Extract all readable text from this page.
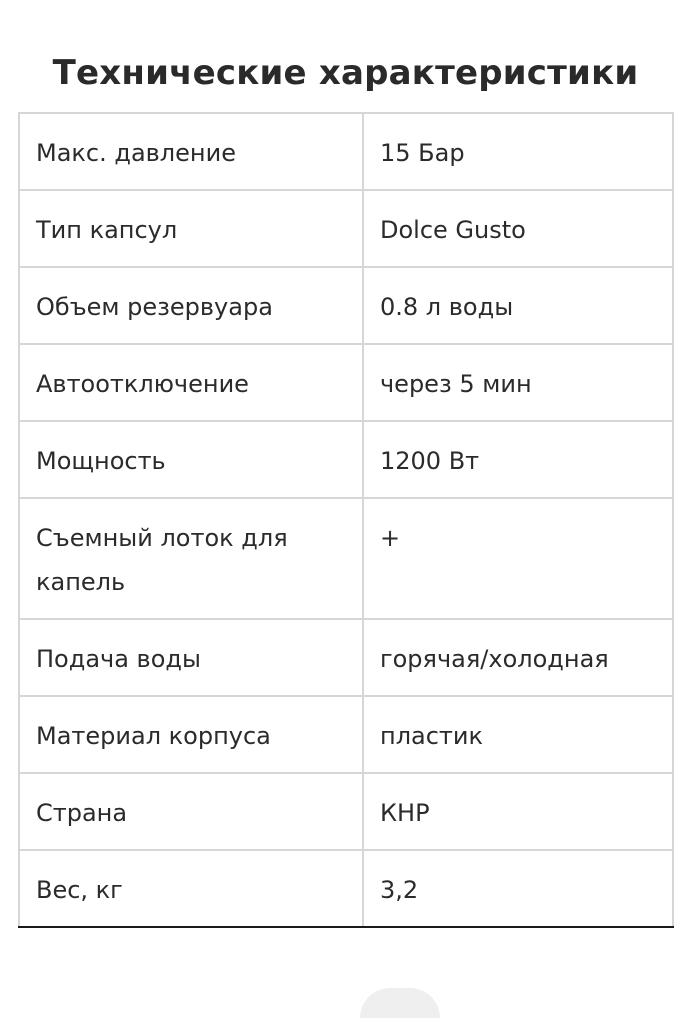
Технические характеристики
Макс. давление	15 Бар
Тип капсул	Dolce Gusto
Объем резервуара	0.8 л воды
Автоотключение	через 5 мин
Мощность	1200 Вт
Съемный лоток для капель	+
Подача воды	горячая/холодная
Материал корпуса	пластик
Страна	КНР
Вес, кг	3,2
